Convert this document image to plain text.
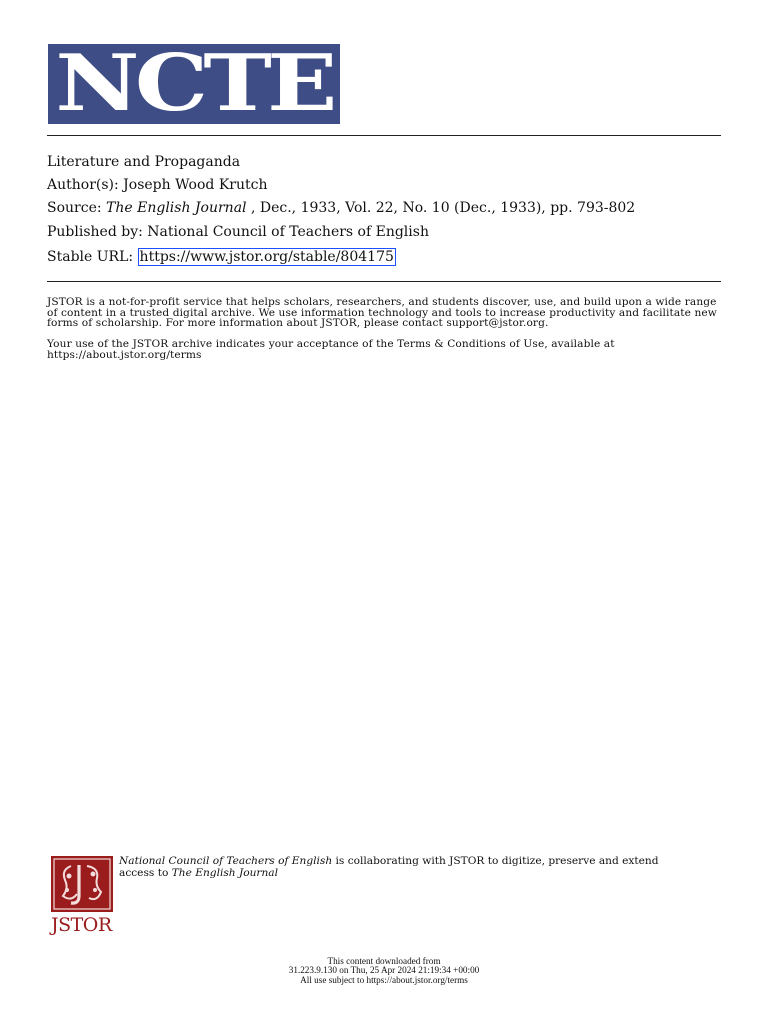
NCTE
Literature and Propaganda
Author(s): Joseph Wood Krutch
Source: The English Journal , Dec., 1933, Vol. 22, No. 10 (Dec., 1933), pp. 793-802
Published by: National Council of Teachers of English
Stable URL: https://www.jstor.org/stable/804175
JSTOR is a not-for-profit service that helps scholars, researchers, and students discover, use, and build upon a wide range of content in a trusted digital archive. We use information technology and tools to increase productivity and facilitate new forms of scholarship. For more information about JSTOR, please contact support@jstor.org.
Your use of the JSTOR archive indicates your acceptance of the Terms & Conditions of Use, available at https://about.jstor.org/terms
JSTOR
National Council of Teachers of English is collaborating with JSTOR to digitize, preserve and extend access to The English Journal
This content downloaded from
31.223.9.130 on Thu, 25 Apr 2024 21:19:34 +00:00
All use subject to https://about.jstor.org/terms
